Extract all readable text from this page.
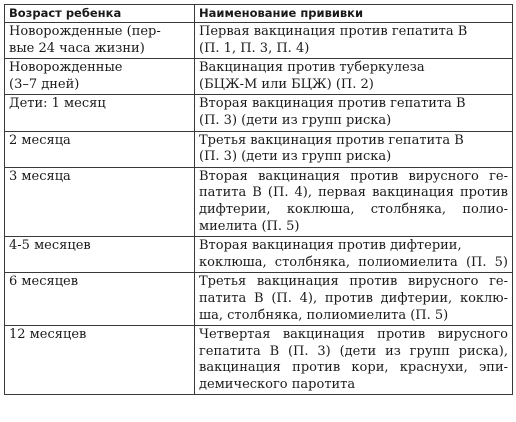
Возраст ребенка	Наименование прививки

Новорожденные (пер-
вые 24 часа жизни)	Первая вакцинация против гепатита В
(П. 1, П. 3, П. 4)

Новорожденные
(3–7 дней)	Вакцинация против туберкулеза
(БЦЖ-М или БЦЖ) (П. 2)

Дети: 1 месяц	Вторая вакцинация против гепатита В
(П. 3) (дети из групп риска)

2 месяца	Третья вакцинация против гепатита В
(П. 3) (дети из групп риска)

3 месяца	Вторая вакцинация против вирусного ге-
патита В (П. 4), первая вакцинация против
дифтерии, коклюша, столбняка, полио-
миелита (П. 5)

4-5 месяцев	Вторая вакцинация против дифтерии,
коклюша, столбняка, полиомиелита (П. 5)

6 месяцев	Третья вакцинация против вирусного ге-
патита В (П. 4), против дифтерии, коклю-
ша, столбняка, полиомиелита (П. 5)

12 месяцев	Четвертая вакцинация против вирусного
гепатита В (П. 3) (дети из групп риска),
вакцинация против кори, краснухи, эпи-
демического паротита
